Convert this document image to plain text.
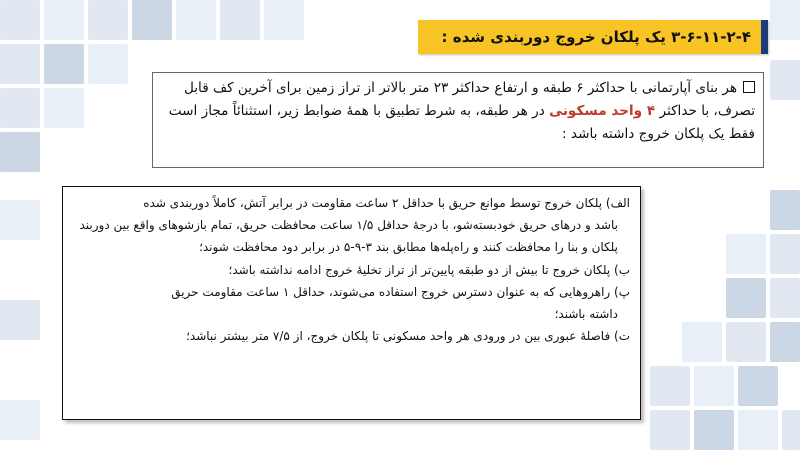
۳-۶-۱۱-۲-۴ یک پلکان خروج دوربندی شده :
هر بنای آپارتمانی با حداکثر ۶ طبقه و ارتفاع حداکثر ۲۳ متر بالاتر از تراز زمین برای آخرین کف قابل تصرف، با حداکثر ۴ واحد مسکونی در هر طبقه، به شرط تطبیق با همهٔ ضوابط زیر، استثنائاً مجاز است فقط یک پلکان خروج داشته باشد :

الف) پلکان خروج توسط موانع حریق با حداقل ۲ ساعت مقاومت در برابر آتش، کاملاً دوربندی شده

باشد و درهای حریق خودبسته‌شو، با درجهٔ حداقل ۱/۵ ساعت محافظت حریق، تمام بازشوهای واقع بین دوربند پلکان و بنا را محافظت کنند و راه‌پله‌ها مطابق بند ۳-۹-۵ در برابر دود محافظت شوند؛

ب) پلکان خروج تا بیش از دو طبقه پایین‌تر از تراز تخلیهٔ خروج ادامه نداشته باشد؛

پ) راهروهایی که به عنوان دسترس خروج استفاده می‌شوند، حداقل ۱ ساعت مقاومت حریق

داشته باشند؛

ت) فاصلهٔ عبوری بین در ورودی هر واحد مسکونی تا پلکان خروج، از ۷/۵ متر بیشتر نباشد؛
